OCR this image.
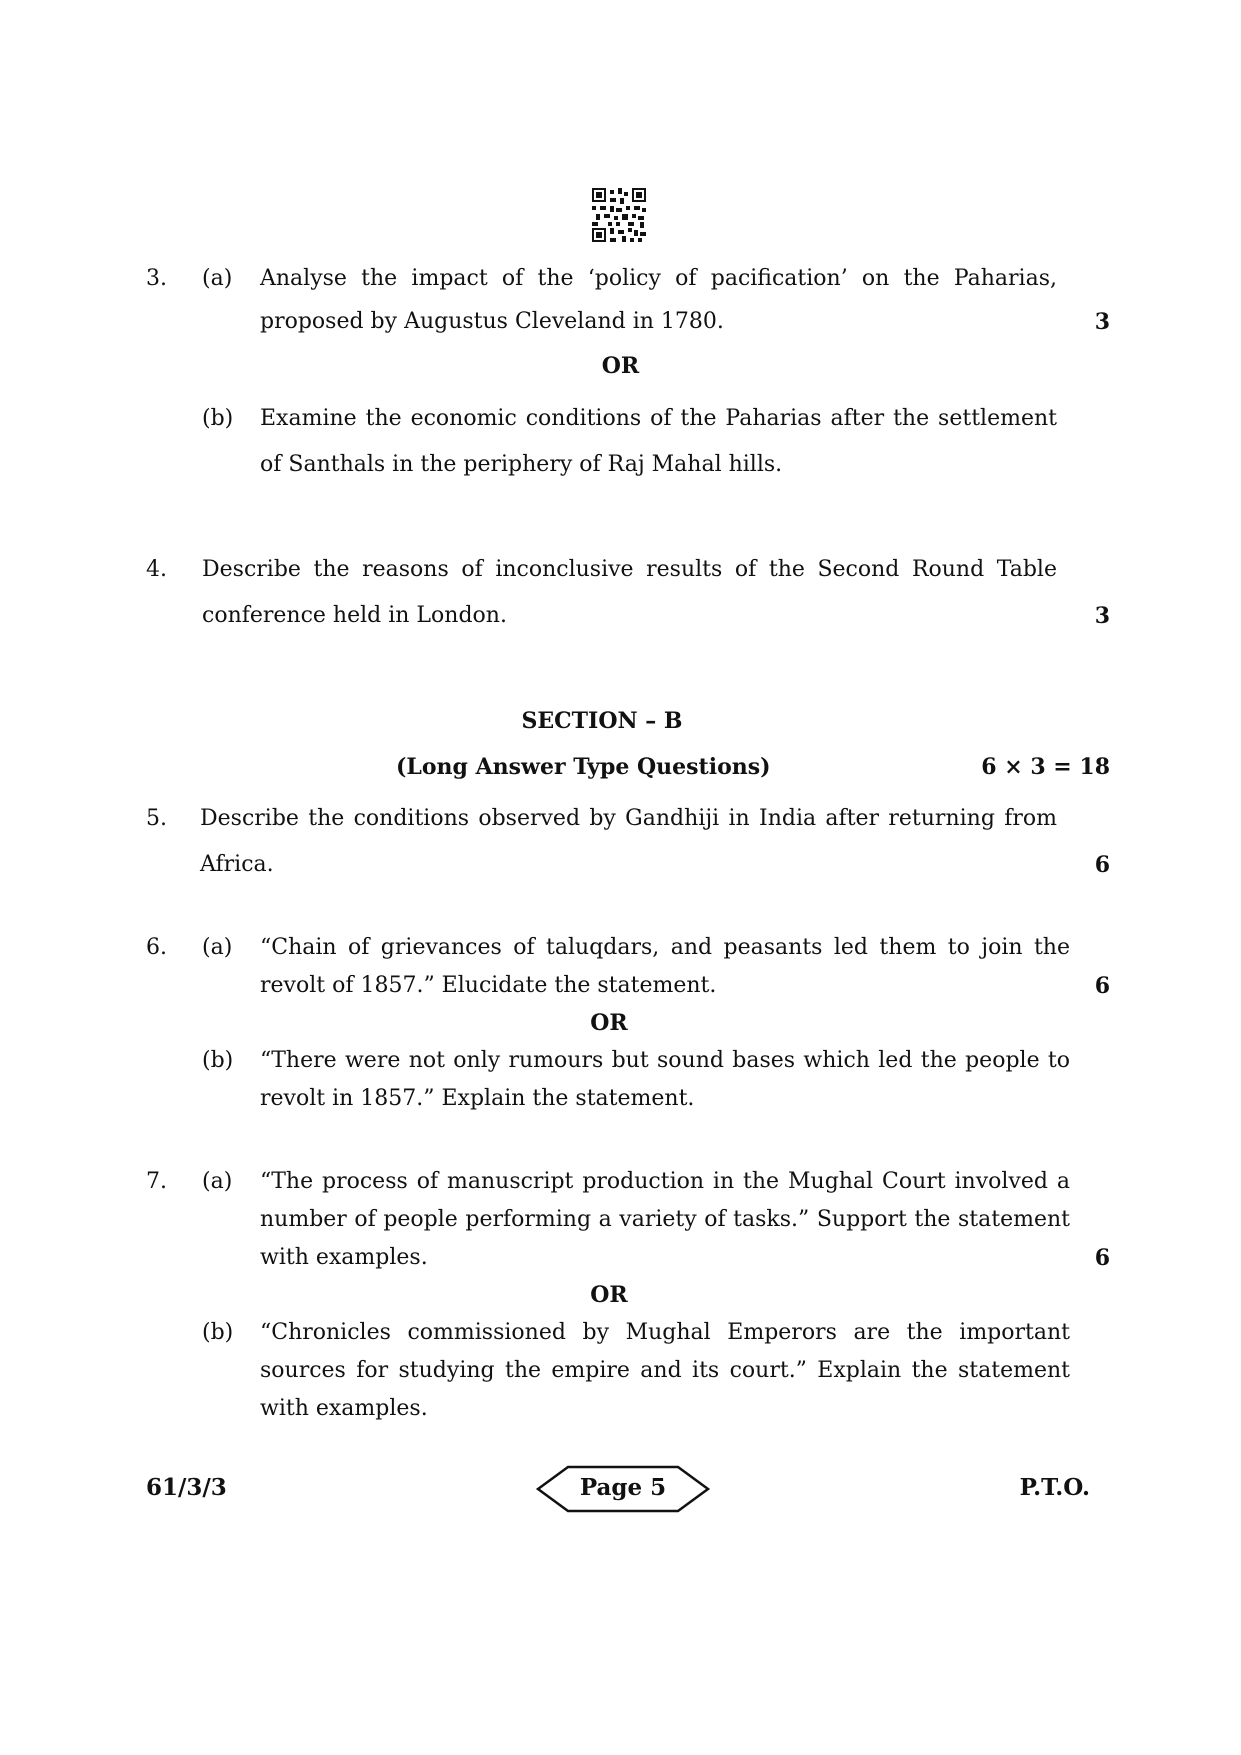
3.	(a)	Analyse the impact of the ‘policy of pacification’ on the Paharias,
proposed by Augustus Cleveland in 1780.	3
OR
(b)	Examine the economic conditions of the Paharias after the settlement
of Santhals in the periphery of Raj Mahal hills.
4.	Describe the reasons of inconclusive results of the Second Round Table
conference held in London.	3
SECTION – B
(Long Answer Type Questions)	6 × 3 = 18
5.	Describe the conditions observed by Gandhiji in India after returning from
Africa.	6
6.	(a)	“Chain of grievances of taluqdars, and peasants led them to join the
revolt of 1857.” Elucidate the statement.	6
OR
(b)	“There were not only rumours but sound bases which led the people to
revolt in 1857.” Explain the statement.
7.	(a)	“The process of manuscript production in the Mughal Court involved a
number of people performing a variety of tasks.” Support the statement
with examples.	6
OR
(b)	“Chronicles commissioned by Mughal Emperors are the important
sources for studying the empire and its court.” Explain the statement
with examples.
61/3/3	Page 5	P.T.O.
